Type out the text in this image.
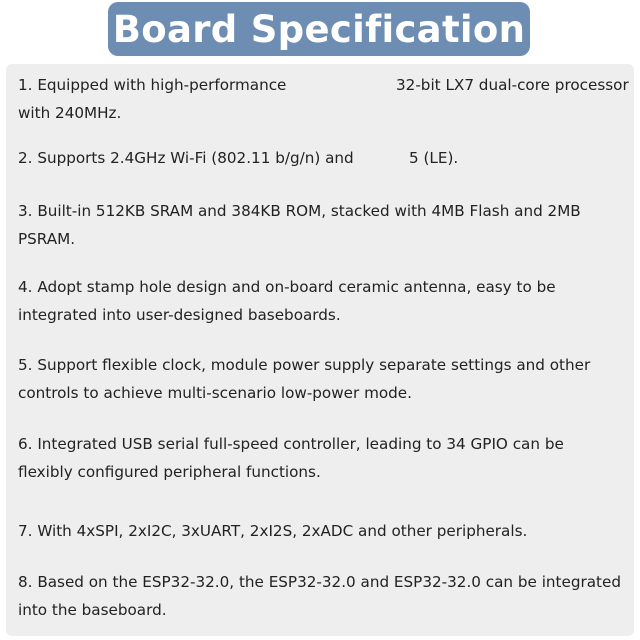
Board Specification
1. Equipped with high-performance	32-bit LX7 dual-core processor
with 240MHz.
2. Supports 2.4GHz Wi-Fi (802.11 b/g/n) and	5 (LE).
3. Built-in 512KB SRAM and 384KB ROM, stacked with 4MB Flash and 2MB
PSRAM.
4. Adopt stamp hole design and on-board ceramic antenna, easy to be
integrated into user-designed baseboards.
5. Support flexible clock, module power supply separate settings and other
controls to achieve multi-scenario low-power mode.
6. Integrated USB serial full-speed controller, leading to 34 GPIO can be
flexibly configured peripheral functions.
7. With 4xSPI, 2xI2C, 3xUART, 2xI2S, 2xADC and other peripherals.
8. Based on the ESP32-32.0, the ESP32-32.0 and ESP32-32.0 can be integrated
into the baseboard.
